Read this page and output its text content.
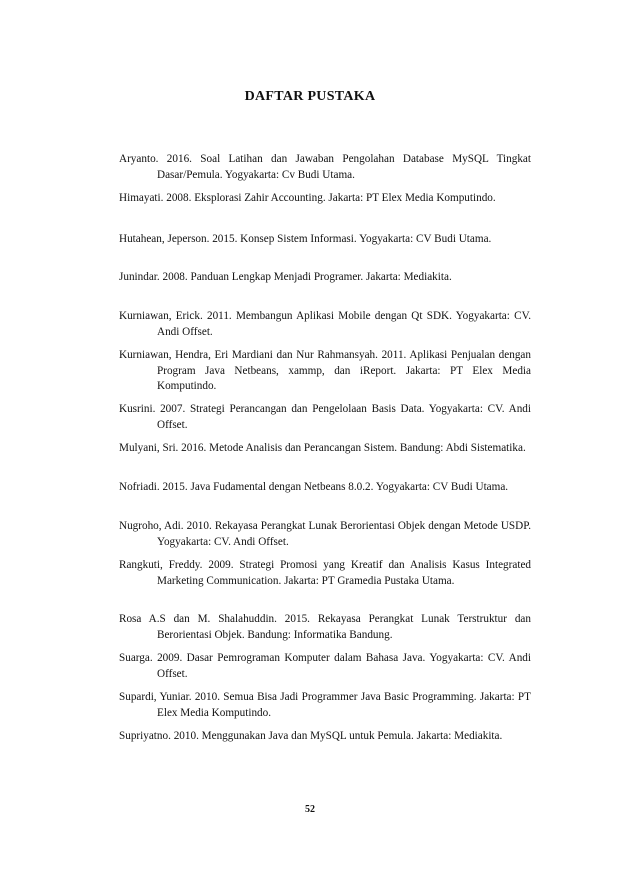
DAFTAR PUSTAKA
Aryanto. 2016. Soal Latihan dan Jawaban Pengolahan Database MySQL Tingkat Dasar/Pemula. Yogyakarta: Cv Budi Utama.
Himayati. 2008. Eksplorasi Zahir Accounting. Jakarta: PT Elex Media Komputindo.
Hutahean, Jeperson. 2015. Konsep Sistem Informasi. Yogyakarta: CV Budi Utama.
Junindar. 2008. Panduan Lengkap Menjadi Programer. Jakarta: Mediakita.
Kurniawan, Erick. 2011. Membangun Aplikasi Mobile dengan Qt SDK. Yogyakarta: CV. Andi Offset.
Kurniawan, Hendra, Eri Mardiani dan Nur Rahmansyah. 2011. Aplikasi Penjualan dengan Program Java Netbeans, xammp, dan iReport. Jakarta: PT Elex Media Komputindo.
Kusrini. 2007. Strategi Perancangan dan Pengelolaan Basis Data. Yogyakarta: CV. Andi Offset.
Mulyani, Sri. 2016. Metode Analisis dan Perancangan Sistem. Bandung: Abdi Sistematika.
Nofriadi. 2015. Java Fudamental dengan Netbeans 8.0.2. Yogyakarta: CV Budi Utama.
Nugroho, Adi. 2010. Rekayasa Perangkat Lunak Berorientasi Objek dengan Metode USDP. Yogyakarta: CV. Andi Offset.
Rangkuti, Freddy. 2009. Strategi Promosi yang Kreatif dan Analisis Kasus Integrated Marketing Communication. Jakarta: PT Gramedia Pustaka Utama.
Rosa A.S dan M. Shalahuddin. 2015. Rekayasa Perangkat Lunak Terstruktur dan Berorientasi Objek. Bandung: Informatika Bandung.
Suarga. 2009. Dasar Pemrograman Komputer dalam Bahasa Java. Yogyakarta: CV. Andi Offset.
Supardi, Yuniar. 2010. Semua Bisa Jadi Programmer Java Basic Programming. Jakarta: PT Elex Media Komputindo.
Supriyatno. 2010. Menggunakan Java dan MySQL untuk Pemula. Jakarta: Mediakita.
52
